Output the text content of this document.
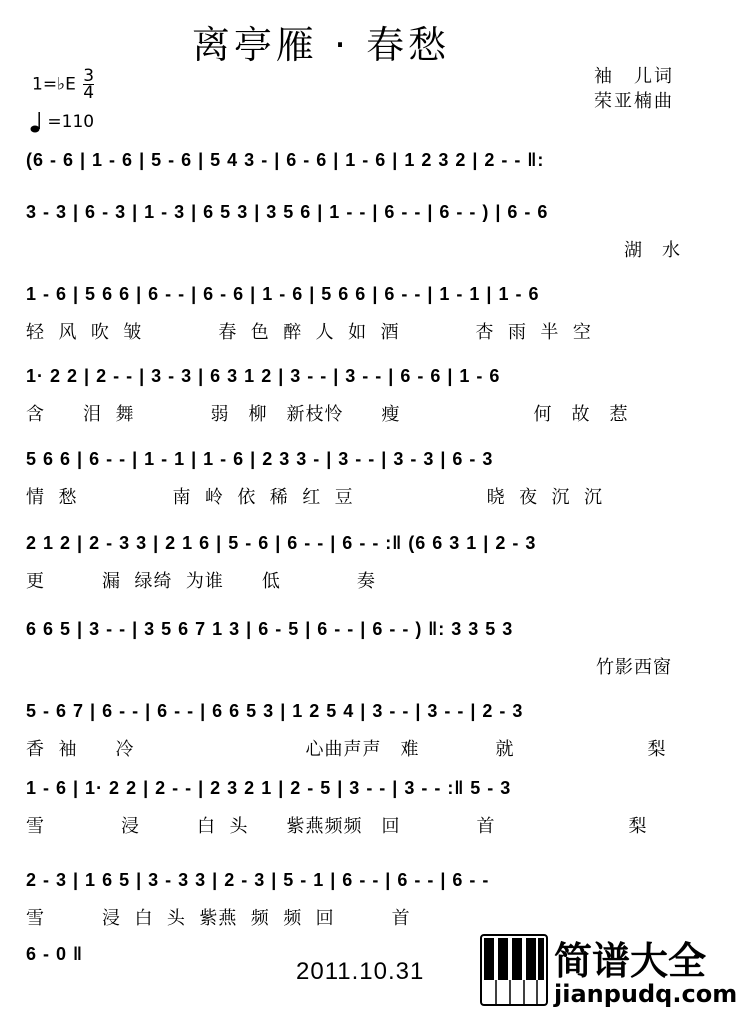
离亭雁 · 春愁
1=♭E $\frac{3}{4}$
=110
袖　儿词
荣亚楠曲
(6 - 6 | 1 - 6 | 5 - 6 | 5 4 3 - | 6 - 6 | 1 - 6 | 1 2 3 2 | 2 - - ‖:
3 - 3 | 6 - 3 | 1 - 3 | 6 5 3 | 3 5 6 | 1 - - | 6 - - | 6 - - ) | 6 - 6
湖　水
1 - 6 | 5 6 6 | 6 - - | 6 - 6 | 1 - 6 | 5 6 6 | 6 - - | 1 - 1 | 1 - 6
轻  风  吹  皱　　　　春  色  醉  人  如  酒　　　　杏  雨  半  空
1· 2 2 | 2 - - | 3 - 3 | 6 3 1 2 | 3 - - | 3 - - | 6 - 6 | 1 - 6
含　　泪  舞　　　　弱　柳　新枝怜　　瘦　　　　　　　何　故　惹
5 6 6 | 6 - - | 1 - 1 | 1 - 6 | 2 3 3 - | 3 - - | 3 - 3 | 6 - 3
情  愁　　　　　南  岭  依  稀  红  豆　　　　　　　晓  夜  沉  沉
2 1 2 | 2 - 3 3 | 2 1 6 | 5 - 6 | 6 - - | 6 - - :‖ (6 6 3 1 | 2 - 3
更　　　漏  绿绮  为谁　　低　　　　奏
6 6 5 | 3 - - | 3 5 6 7 1 3 | 6 - 5 | 6 - - | 6 - - ) ‖: 3 3 5 3
竹影西窗
5 - 6 7 | 6 - - | 6 - - | 6 6 5 3 | 1 2 5 4 | 3 - - | 3 - - | 2 - 3
香  袖　　冷　　　　　　　　　心曲声声　难　　　　就　　　　　　　梨
1 - 6 | 1· 2 2 | 2 - - | 2 3 2 1 | 2 - 5 | 3 - - | 3 - - :‖ 5 - 3
雪　　　　浸　　　白  头　　紫燕频频　回　　　　首　　　　　　　梨
2 - 3 | 1 6 5 | 3 - 3 3 | 2 - 3 | 5 - 1 | 6 - - | 6 - - | 6 - -
雪　　　浸  白  头  紫燕  频  频  回　　　首
6 - 0 ‖
2011.10.31	简谱大全
jianpudq.com
